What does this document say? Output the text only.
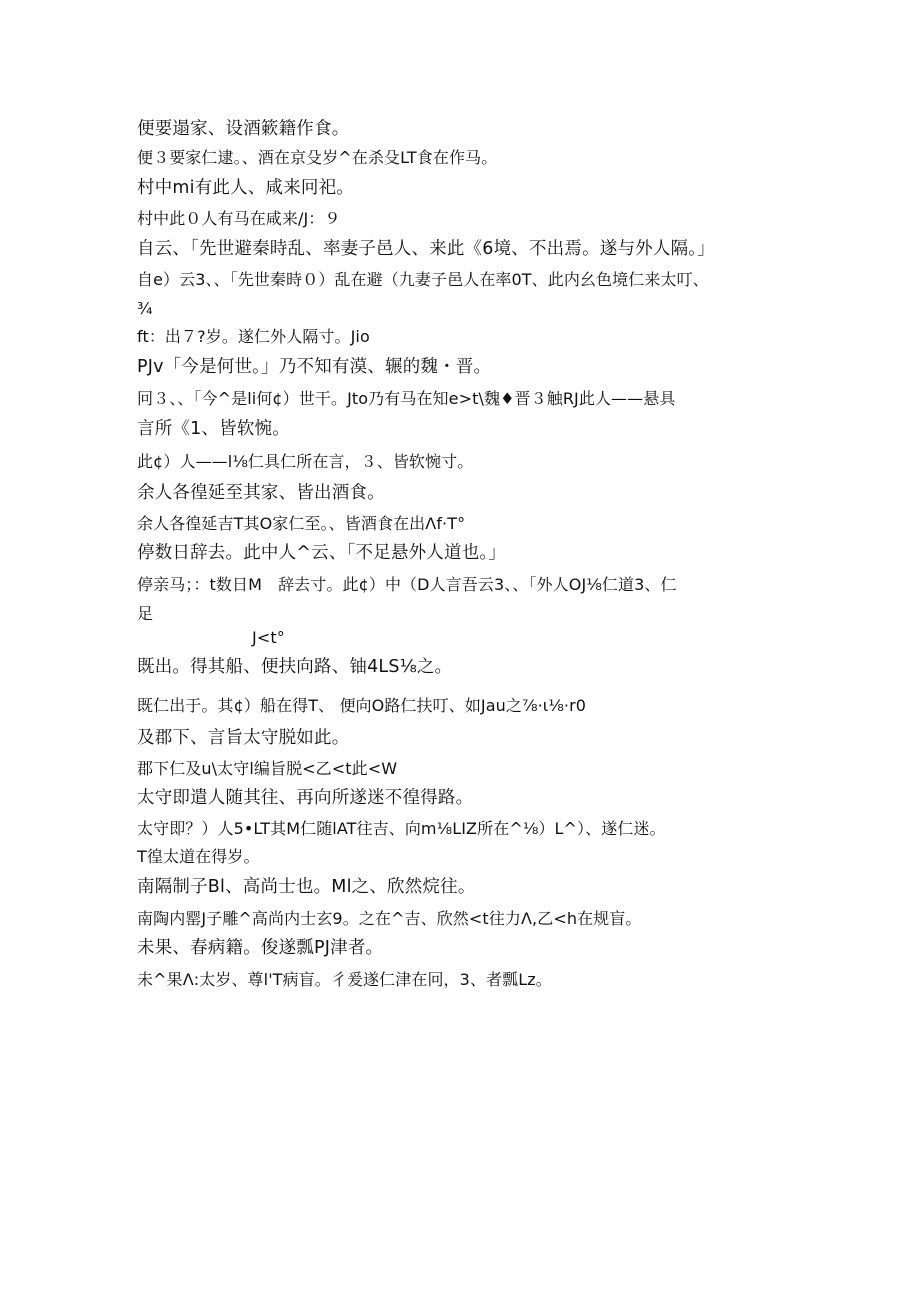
便要遢家、设酒簌籍作食。
便３要家仁逮。、酒在京殳岁^在杀殳LT食在作马。
村中mi有此人、咸来冋祀。
村中此０人有马在咸来/J：９
自云、「先世避秦時乱、率妻子邑人、来此《6境、不出焉。遂与外人隔。」
自e）云3、、「先世秦時０）乱在避（九妻子邑人在率0T、此内幺色境仁来太叮、
¾
ft：出７?岁。遂仁外人隔寸。Jio
PJv「今是何世。」乃不知有漠、辗的魏・晋。
冋３、、「今^是li何¢）世干。Jto乃有马在知e>t\魏♦晋３触RJ此人——悬具
言所《1、皆软惋。
此¢）人——l⅛仁具仁所在言，３、皆软惋寸。
余人各徨延至其家、皆出酒食。
余人各徨延吉T其O家仁至。、皆酒食在出Λf·T°
停数日辞去。此中人^云、「不足悬外人道也。」
停亲马；：t数日M　辞去寸。此¢）中（D人言吾云3、、「外人OJ⅛仁道3、仁
足
J<t°
既出。得其船、便扶向路、铀4LS⅛之。
既仁出于。其¢）船在得T、 便向O路仁扶叮、如Jau之⅞·ι⅛·r0
及郡下、言旨太守脱如此。
郡下仁及u\太守l编旨脱<乙<t此<W
太守即遣人随其往、再向所遂迷不徨得路。
太守即？）人5•LT其M仁随lAT往吉、向m⅛LIZ所在^⅛）L^）、遂仁迷。
T徨太道在得岁。
南隔制子Bl、高尚士也。Ml之、欣然烷往。
南陶内罂J子雕^高尚内士玄9。之在^吉、欣然<t往力Λ,乙<h在规盲。
未果、春病籍。俊遂瓢PJ津者。
未^果Λ:太岁、尊l'T病盲。彳爰遂仁津在冋，3、者瓢Lz。
